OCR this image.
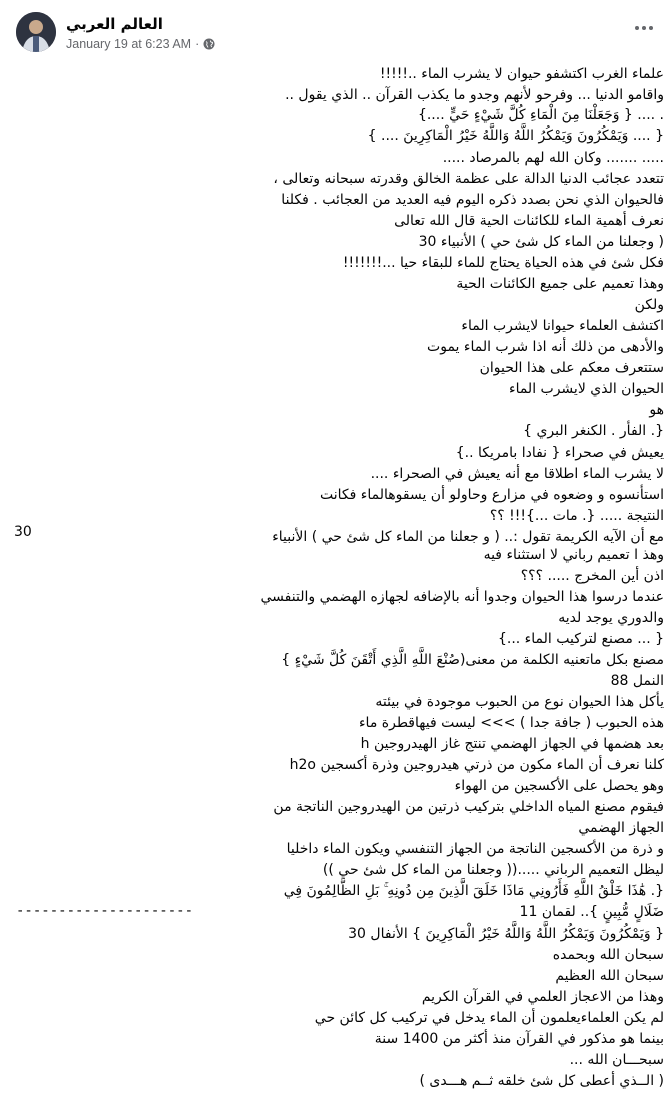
العالم العربي
January 19 at 6:23 AM ·
علماء الغرب اكتشفو حيوان لا يشرب الماء ..!!!!!
واقامو الدنيا ... وفرحو لأنهم وجدو ما يكذب القرآن .. الذي يقول ..
. .... { وَجَعَلْنَا مِنَ الْمَاءِ كُلَّ شَيْءٍ حَيٍّ ....}
{ .... وَيَمْكُرُونَ وَيَمْكُرُ اللَّهُ وَاللَّهُ خَيْرُ الْمَاكِرِينَ .... }
..... ....... وكان الله لهم بالمرصاد .....
تتعدد عجائب الدنيا الدالة على عظمة الخالق وقدرته سبحانه وتعالى ،
فالحيوان الذي نحن بصدد ذكره اليوم فيه العديد من العجائب . فكلنا
نعرف أهمية الماء للكائنات الحية قال الله تعالى
( وجعلنا من الماء كل شئ حي ) الأنبياء 30
فكل شئ في هذه الحياة يحتاج للماء للبقاء حيا ...!!!!!!!
وهذا تعميم على جميع الكائنات الحية
ولكن
اكتشف العلماء حيوانا لايشرب الماء
والأدهى من ذلك أنه اذا شرب الماء يموت
ستتعرف معكم على هذا الحيوان
الحيوان الذي لايشرب الماء
هو
{. الفأر . الكنغر البري }
يعيش في صحراء { نفادا بامريكا ..}
لا يشرب الماء اطلاقا مع أنه يعيش في الصحراء ....
استأنسوه و وضعوه في مزارع وحاولو أن يسقوهالماء فكانت
النتيجة ..... {. مات ...}!!! ؟؟
مع أن الآيه الكريمة تقول :.. ( و جعلنا من الماء كل شئ حي ) الأنبياء
30
وهذ ا تعميم رباني لا استثناء فيه
اذن أين المخرج ..... ؟؟؟
عندما درسوا هذا الحيوان وجدوا أنه بالإضافه لجهازه الهضمي والتنفسي
والدوري يوجد لديه
{ ... مصنع لتركيب الماء ...}
مصنع بكل ماتعنيه الكلمة من معنى(صُنْعَ اللَّهِ الَّذِي أَتْقَنَ كُلَّ شَيْءٍ }
النمل 88
يأكل هذا الحيوان نوع من الحبوب موجودة في بيئته
هذه الحبوب ( جافة جدا ) >>> ليست فيهاقطرة ماء
بعد هضمها في الجهاز الهضمي تنتج غاز الهيدروجين h
كلنا نعرف أن الماء مكون من ذرتي هيدروجين وذرة أكسجين h2o
وهو يحصل على الأكسجين من الهواء
فيقوم مصنع المياه الداخلي بتركيب ذرتين من الهيدروجين الناتجة من
الجهاز الهضمي
و ذرة من الأكسجين الناتجة من الجهاز التنفسي ويكون الماء داخليا
ليظل التعميم الرباني .....(( وجعلنا من الماء كل شئ حي ))
{. هَٰذَا خَلْقُ اللَّهِ فَأَرُونِي مَاذَا خَلَقَ الَّذِينَ مِن دُونِهِ ۚ بَلِ الظَّالِمُونَ فِي
ضَلَالٍ مُّبِينٍ }.. لقمان 11
---------------------
{ وَيَمْكُرُونَ وَيَمْكُرُ اللَّهُ وَاللَّهُ خَيْرُ الْمَاكِرِينَ } الأنفال 30
سبحان الله وبحمده
سبحان الله العظيم
وهذا من الاعجاز العلمي في القرآن الكريم
لم يكن العلماءيعلمون أن الماء يدخل في تركيب كل كائن حي
بينما هو مذكور في القرآن منذ أكثر من 1400 سنة
سبحـــان الله ...
( الــذي أعطى كل شئ خلقه ثــم هـــدى )
